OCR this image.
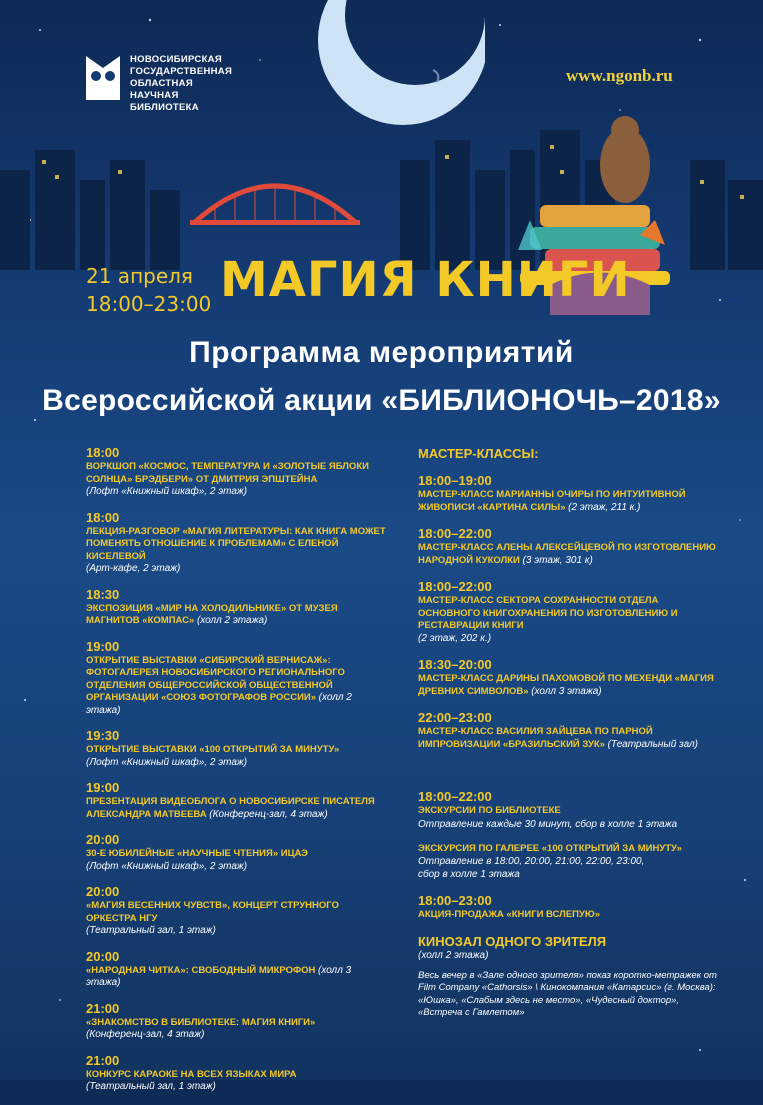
НОВОСИБИРСКАЯ
ГОСУДАРСТВЕННАЯ
ОБЛАСТНАЯ
НАУЧНАЯ
БИБЛИОТЕКА
www.ngonb.ru
21 апреля
18:00–23:00 МАГИЯ КНИГИ
Программа мероприятий
Всероссийской акции «БИБЛИОНОЧЬ–2018»
18:00
ВОРКШОП «КОСМОС, ТЕМПЕРАТУРА И «ЗОЛОТЫЕ ЯБЛОКИ СОЛНЦА» БРЭДБЕРИ» ОТ ДМИТРИЯ ЭПШТЕЙНА
(Лофт «Книжный шкаф», 2 этаж)
18:00
ЛЕКЦИЯ-РАЗГОВОР «МАГИЯ ЛИТЕРАТУРЫ: КАК КНИГА МОЖЕТ ПОМЕНЯТЬ ОТНОШЕНИЕ К ПРОБЛЕМАМ» С ЕЛЕНОЙ КИСЕЛЕВОЙ
(Арт-кафе, 2 этаж)
18:30
ЭКСПОЗИЦИЯ «МИР НА ХОЛОДИЛЬНИКЕ» ОТ МУЗЕЯ МАГНИТОВ «КОМПАС» (холл 2 этажа)
19:00
ОТКРЫТИЕ ВЫСТАВКИ «СИБИРСКИЙ ВЕРНИСАЖ»: ФОТОГАЛЕРЕЯ НОВОСИБИРСКОГО РЕГИОНАЛЬНОГО ОТДЕЛЕНИЯ ОБЩЕРОССИЙСКОЙ ОБЩЕСТВЕННОЙ ОРГАНИЗАЦИИ «СОЮЗ ФОТОГРАФОВ РОССИИ» (холл 2 этажа)
19:30
ОТКРЫТИЕ ВЫСТАВКИ «100 ОТКРЫТИЙ ЗА МИНУТУ»
(Лофт «Книжный шкаф», 2 этаж)
19:00
ПРЕЗЕНТАЦИЯ ВИДЕОБЛОГА О НОВОСИБИРСКЕ ПИСАТЕЛЯ АЛЕКСАНДРА МАТВЕЕВА (Конференц-зал, 4 этаж)
20:00
30-Е ЮБИЛЕЙНЫЕ «НАУЧНЫЕ ЧТЕНИЯ» ИЦАЭ
(Лофт «Книжный шкаф», 2 этаж)
20:00
«МАГИЯ ВЕСЕННИХ ЧУВСТВ», КОНЦЕРТ СТРУННОГО ОРКЕСТРА НГУ
(Театральный зал, 1 этаж)
20:00
«НАРОДНАЯ ЧИТКА»: СВОБОДНЫЙ МИКРОФОН (холл 3 этажа)
21:00
«ЗНАКОМСТВО В БИБЛИОТЕКЕ: МАГИЯ КНИГИ»
(Конференц-зал, 4 этаж)
21:00
КОНКУРС КАРАОКЕ НА ВСЕХ ЯЗЫКАХ МИРА
(Театральный зал, 1 этаж)
МАСТЕР-КЛАССЫ:
18:00–19:00
МАСТЕР-КЛАСС МАРИАННЫ ОЧИРЫ ПО ИНТУИТИВНОЙ ЖИВОПИСИ «КАРТИНА СИЛЫ» (2 этаж, 211 к.)
18:00–22:00
МАСТЕР-КЛАСС АЛЕНЫ АЛЕКСЕЙЦЕВОЙ ПО ИЗГОТОВЛЕНИЮ НАРОДНОЙ КУКОЛКИ (3 этаж, 301 к)
18:00–22:00
МАСТЕР-КЛАСС СЕКТОРА СОХРАННОСТИ ОТДЕЛА ОСНОВНОГО КНИГОХРАНЕНИЯ ПО ИЗГОТОВЛЕНИЮ И РЕСТАВРАЦИИ КНИГИ
(2 этаж, 202 к.)
18:30–20:00
МАСТЕР-КЛАСС ДАРИНЫ ПАХОМОВОЙ ПО МЕХЕНДИ «МАГИЯ ДРЕВНИХ СИМВОЛОВ» (холл 3 этажа)
22:00–23:00
МАСТЕР-КЛАСС ВАСИЛИЯ ЗАЙЦЕВА ПО ПАРНОЙ ИМПРОВИЗАЦИИ «БРАЗИЛЬСКИЙ ЗУК» (Театральный зал)
18:00–22:00
ЭКСКУРСИИ ПО БИБЛИОТЕКЕ
Отправление каждые 30 минут, сбор в холле 1 этажа
ЭКСКУРСИЯ ПО ГАЛЕРЕЕ «100 ОТКРЫТИЙ ЗА МИНУТУ»
Отправление в 18:00, 20:00, 21:00, 22:00, 23:00,
сбор в холле 1 этажа
18:00–23:00
АКЦИЯ-ПРОДАЖА «КНИГИ ВСЛЕПУЮ»
КИНОЗАЛ ОДНОГО ЗРИТЕЛЯ
(холл 2 этажа)
Весь вечер в «Зале одного зрителя» показ коротко-метражек от Film Company «Cathorsis» \ Кинокомпания «Катарсис» (г. Москва): «Юшка», «Слабым здесь не место», «Чудесный доктор», «Встреча с Гамлетом»
